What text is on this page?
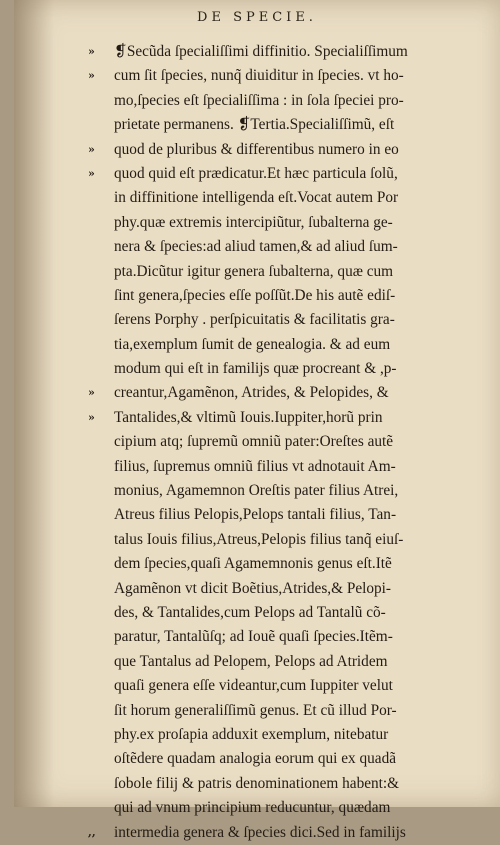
DE SPECIE.
»	❡Secũda ſpecialiſſimi diffinitio. Specialiſſimum
»	cum ſit ſpecies, nunq̃ diuiditur in ſpecies. vt ho-
mo,ſpecies eſt ſpecialiſſima : in ſola ſpeciei pro-
prietate permanens. ❡Tertia.Specialiſſimũ, eſt
»	quod de pluribus & differentibus numero in eo
»	quod quid eſt prædicatur.Et hæc particula ſolũ,
in diffinitione intelligenda eſt.Vocat autem Por
phy.quæ extremis intercipiũtur, ſubalterna ge-
nera & ſpecies:ad aliud tamen,& ad aliud ſum-
pta.Dicũtur igitur genera ſubalterna, quæ cum
ſint genera,ſpecies eſſe poſſũt.De his autẽ ediſ-
ſerens Porphy . perſpicuitatis & facilitatis gra-
tia,exemplum ſumit de genealogia. & ad eum
modum qui eſt in familijs quæ procreant & ,p-
»	creantur,Agamẽnon, Atrides, & Pelopides, &
»	Tantalides,& vltimũ Iouis.Iuppiter,horũ prin
cipium atq; ſupremũ omniũ pater:Oreſtes autẽ
filius, ſupremus omniũ filius vt adnotauit Am-
monius, Agamemnon Oreſtis pater filius Atrei,
Atreus filius Pelopis,Pelops tantali filius, Tan-
talus Iouis filius,Atreus,Pelopis filius tanq̃ eiuſ-
dem ſpecies,quaſi Agamemnonis genus eſt.Itẽ
Agamẽnon vt dicit Boẽtius,Atrides,& Pelopi-
des, & Tantalides,cum Pelops ad Tantalũ cõ-
paratur, Tantalũſq; ad Iouẽ quaſi ſpecies.Itẽm-
que Tantalus ad Pelopem, Pelops ad Atridem
quaſi genera eſſe videantur,cum Iuppiter velut
ſit horum generaliſſimũ genus. Et cũ illud Por-
phy.ex proſapia adduxit exemplum, nitebatur
oſtẽdere quadam analogia eorum qui ex quadã
ſobole filij & patris denominationem habent:&
qui ad vnum principium reducuntur, quædam
,,	intermedia genera & ſpecies dici.Sed in familijs
